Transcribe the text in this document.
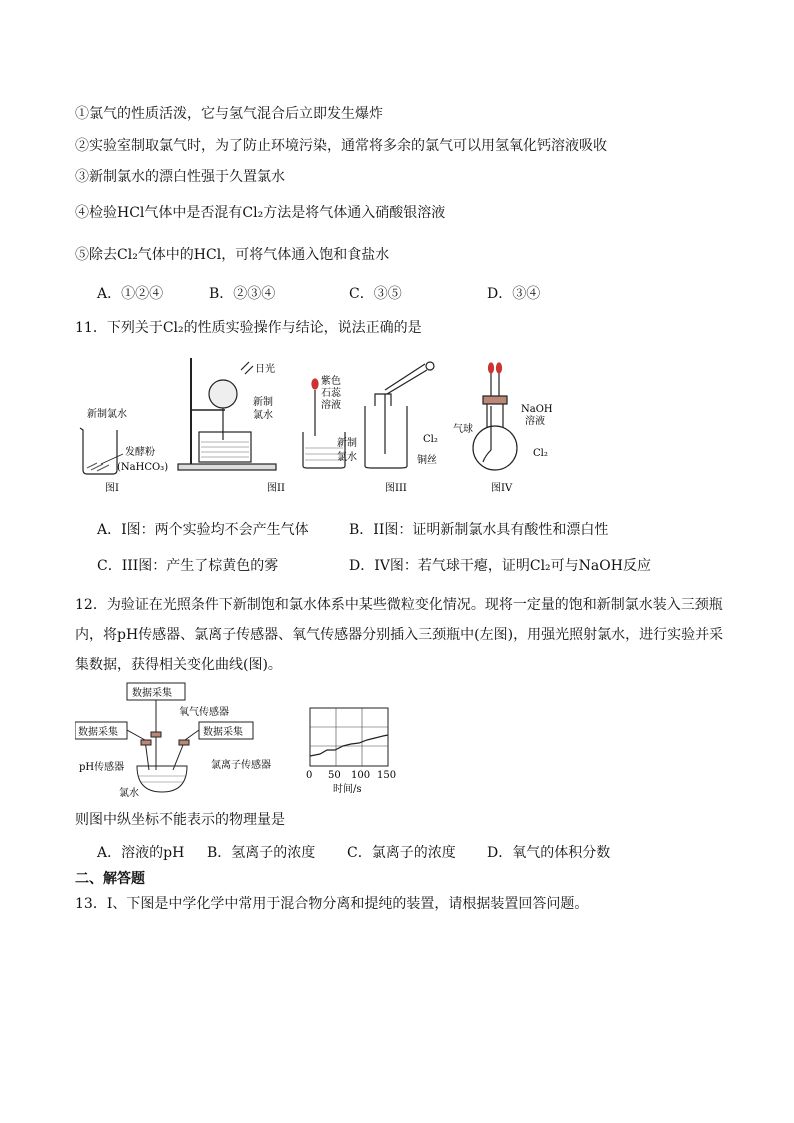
①氯气的性质活泼，它与氢气混合后立即发生爆炸
②实验室制取氯气时，为了防止环境污染，通常将多余的氯气可以用氢氧化钙溶液吸收
③新制氯水的漂白性强于久置氯水
④检验HCl气体中是否混有Cl₂方法是将气体通入硝酸银溶液
⑤除去Cl₂气体中的HCl，可将气体通入饱和食盐水
A．①②④	B．②③④	C．③⑤	D．③④
11．下列关于Cl₂的性质实验操作与结论，说法正确的是
新制氯水
发酵粉
(NaHCO₃)
图I
日光
新制
氯水
图II
紫色
石蕊
溶液
新制
氯水
Cl₂
铜丝
图III
NaOH
溶液
气球
Cl₂
图IV
A．I图：两个实验均不会产生气体	B．II图：证明新制氯水具有酸性和漂白性
C．III图：产生了棕黄色的雾	D．IV图：若气球干瘪，证明Cl₂可与NaOH反应
12．为验证在光照条件下新制饱和氯水体系中某些微粒变化情况。现将一定量的饱和新制氯水装入三颈瓶
内，将pH传感器、氯离子传感器、氧气传感器分别插入三颈瓶中(左图)，用强光照射氯水，进行实验并采
集数据，获得相关变化曲线(图)。
数据采集
数据采集	数据采集
氧气传感器
pH传感器	氯离子传感器
氯水
0 50 100 150
时间/s
则图中纵坐标不能表示的物理量是
A．溶液的pH B．氢离子的浓度 C．氯离子的浓度 D．氧气的体积分数
二、解答题
13．I、下图是中学化学中常用于混合物分离和提纯的装置，请根据装置回答问题。
